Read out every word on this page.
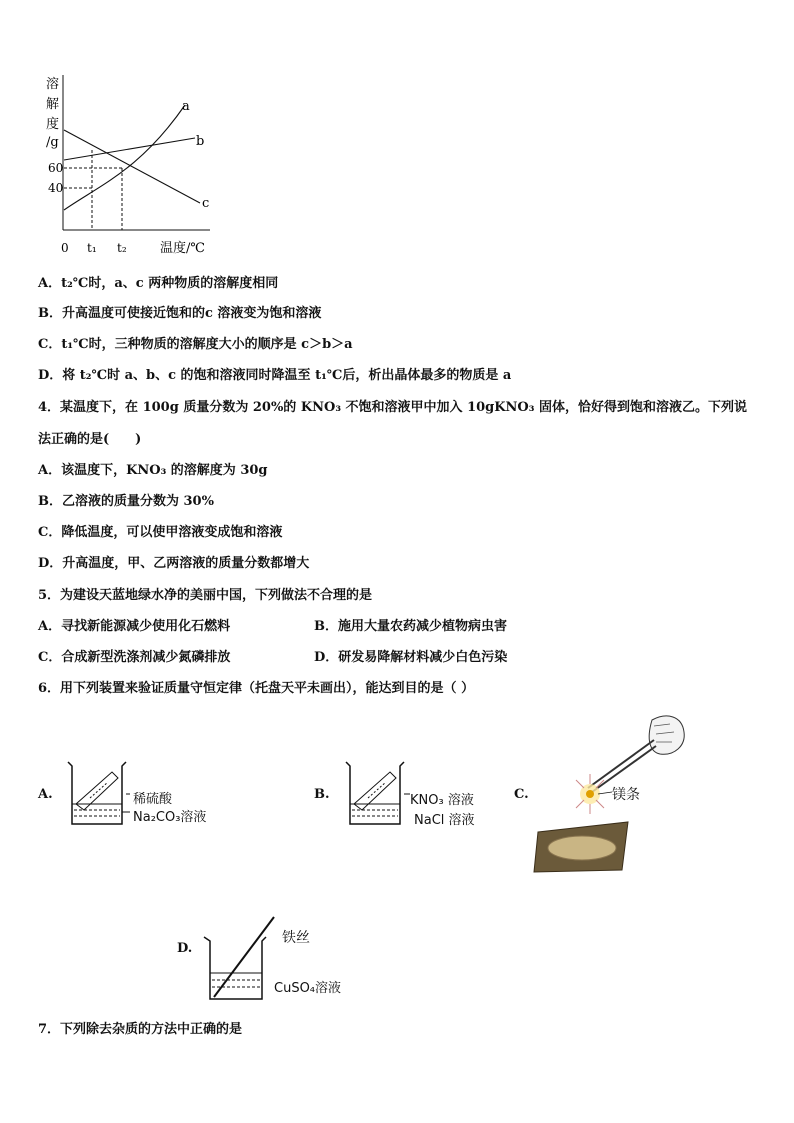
溶
解
度
/g
a
b
c
60
40
0 t₁ t₂	温度/℃
A．t₂℃时，a、c 两种物质的溶解度相同
B．升高温度可使接近饱和的c 溶液变为饱和溶液
C．t₁℃时，三种物质的溶解度大小的顺序是 c＞b＞a
D．将 t₂℃时 a、b、c 的饱和溶液同时降温至 t₁℃后，析出晶体最多的物质是 a
4．某温度下，在 100g 质量分数为 20%的 KNO₃ 不饱和溶液甲中加入 10gKNO₃ 固体，恰好得到饱和溶液乙。下列说
法正确的是(　　)
A．该温度下，KNO₃ 的溶解度为 30g
B．乙溶液的质量分数为 30%
C．降低温度，可以使甲溶液变成饱和溶液
D．升高温度，甲、乙两溶液的质量分数都增大
5．为建设天蓝地绿水净的美丽中国，下列做法不合理的是
A．寻找新能源减少使用化石燃料	B．施用大量农药减少植物病虫害
C．合成新型洗涤剂减少氮磷排放	D．研发易降解材料减少白色污染
6．用下列装置来验证质量守恒定律（托盘天平未画出），能达到目的是（ ）
A.	稀硫酸
Na₂CO₃溶液
B.	KNO₃ 溶液
NaCl 溶液
C.	镁条
D.
铁丝
CuSO₄溶液
7．下列除去杂质的方法中正确的是
